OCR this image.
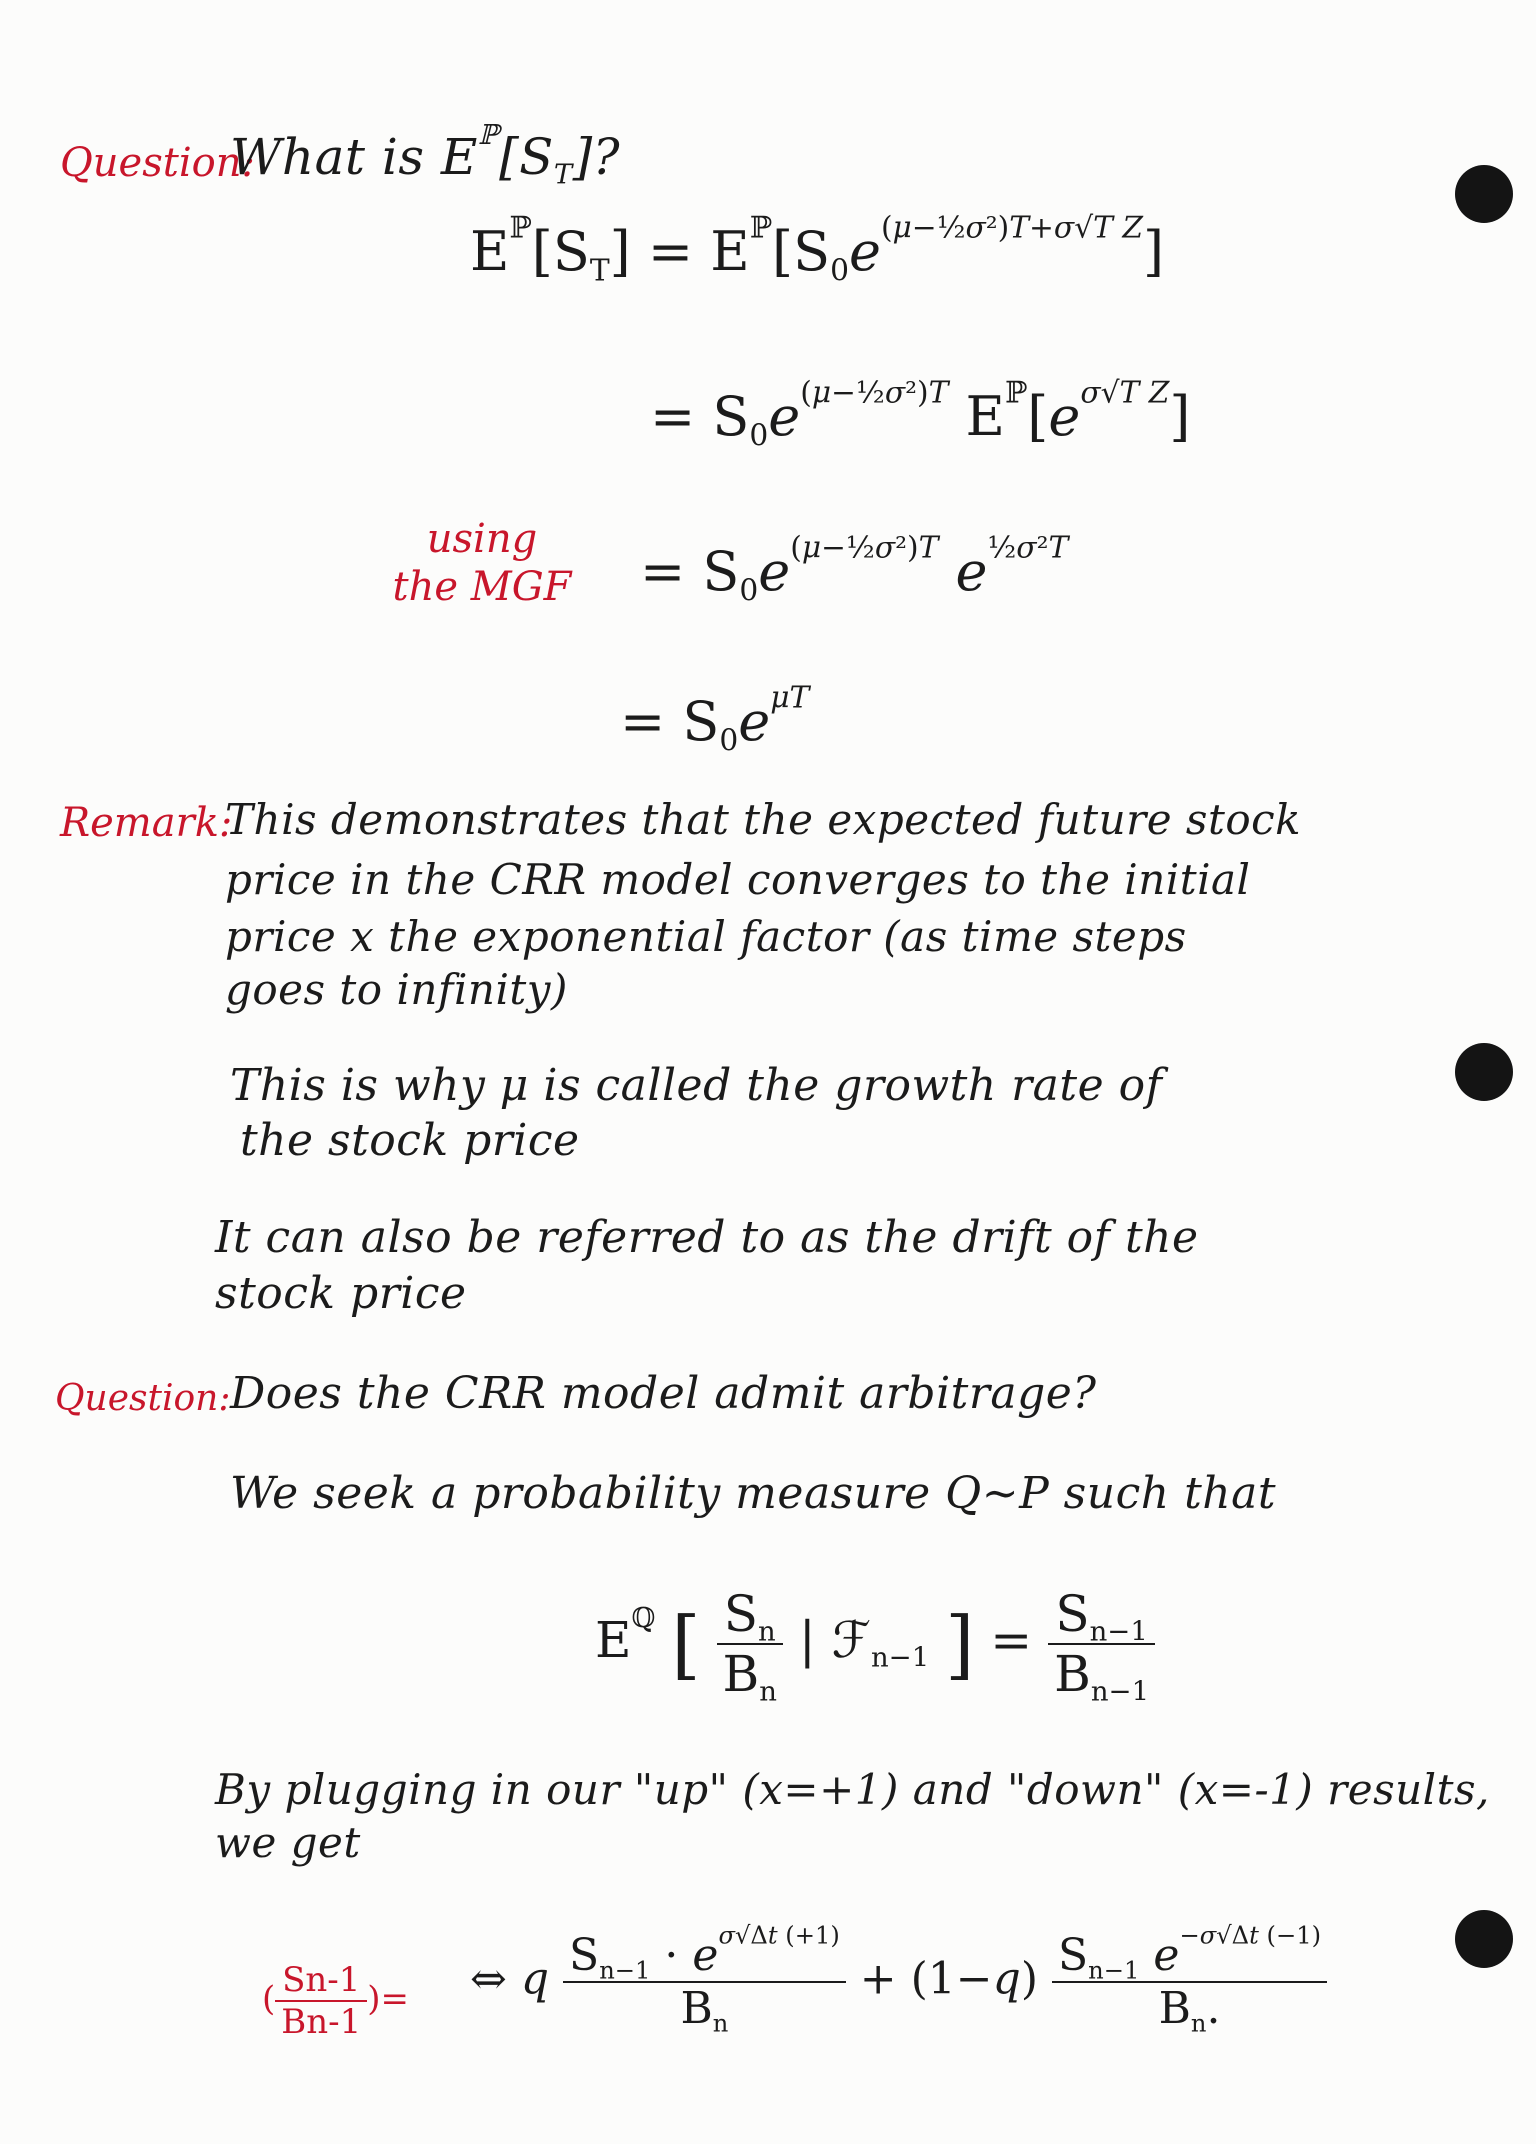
Question:
What is $E^ℙ[S_T]$?
$E^ℙ[S_T] = E^ℙ[S_0e^{(\mu-\frac{1}{2}\sigma^2)T+\sigma√T Z}]$
= $S_0e^{(\mu-\frac{1}{2}\sigma^2)T}$ $E^ℙ[e^{\sigma√T Z}]$
using the MGF = $S_0e^{(\mu-\frac{1}{2}\sigma^2)T}$ $e^{\frac{1}{2}\sigma^2T}$
= $S_0e^{\mu T}$
Remark:
This demonstrates that the expected future stock
price in the CRR model converges to the initial
price x the exponential factor (as time steps
goes to infinity)
This is why μ is called the growth rate of
the stock price
It can also be referred to as the drift of the
stock price
Question: Does the CRR model admit arbitrage?
We seek a probability measure Q~P such that
$E^ℚ$ [ $\frac{S_n}{B_n}$ | ℱ$_{n-1}$ ] = $\frac{S_{n-1}}{B_{n-1}}$
By plugging in our "up" (x=+1) and "down" (x=-1) results,
we get
( $\frac{Sn-1}{Bn-1}$ )= ⇔ q $\frac{S_{n-1} \cdot e^{\sigma√\Delta t (+1)}}{B_n} + (1-q) \frac{S_{n-1} e^{-\sigma√\Delta t (-1)}}{B_n.}$
